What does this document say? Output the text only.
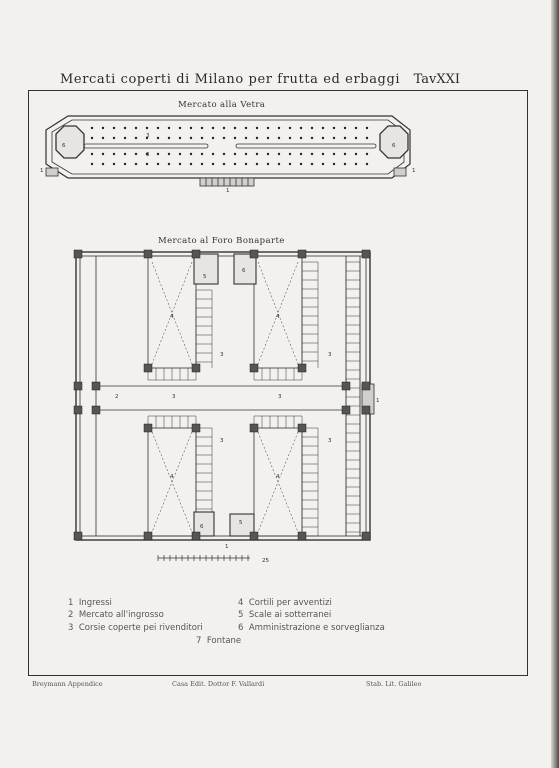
Mercati coperti di Milano per frutta ed erbaggi	TavXXI
Mercato alla Vetra
6	6
3
3
1
1	1
2	3	3
3	3
3	3
4	4
4	4
5
6
6
5
1
1
25
Mercato al Foro Bonaparte
1 Ingressi
2 Mercato all'ingrosso
3 Corsie coperte pei rivenditori
4 Cortili per avventizi
5 Scale ai sotterranei
6 Amministrazione e sorveglianza
7 Fontane
Breymann Appendice	Casa Edit. Dottor F. Vallardi	Stab. Lit. Galileo
